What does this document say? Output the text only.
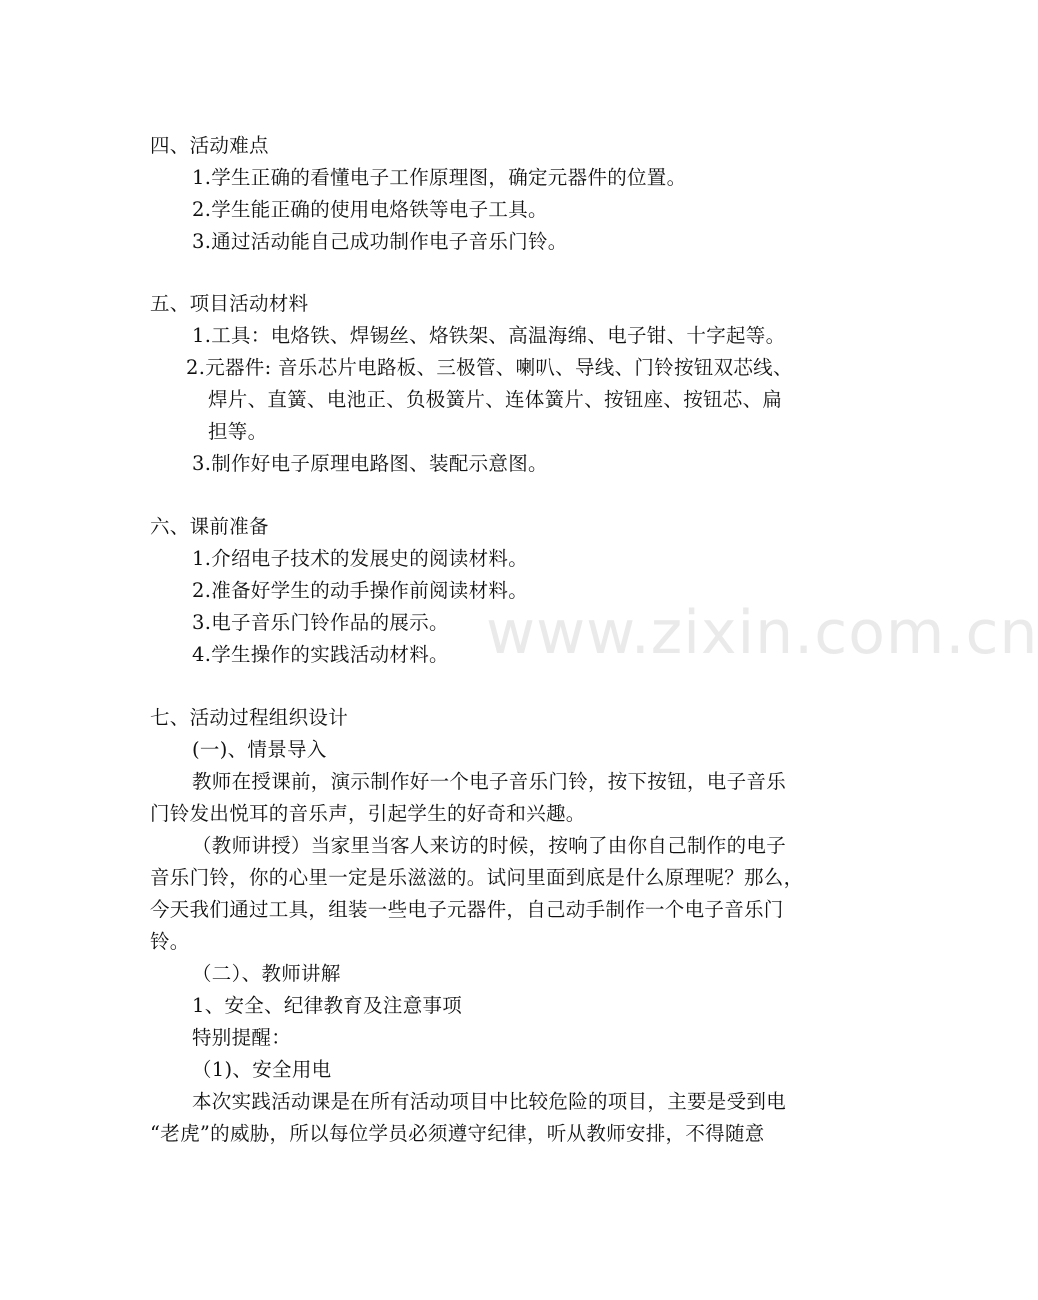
www.zixin.com.cn
四、活动难点
1.学生正确的看懂电子工作原理图，确定元器件的位置。
2.学生能正确的使用电烙铁等电子工具。
3.通过活动能自己成功制作电子音乐门铃。
五、项目活动材料
1.工具：电烙铁、焊锡丝、烙铁架、高温海绵、电子钳、十字起等。
2.元器件: 音乐芯片电路板、三极管、喇叭、导线、门铃按钮双芯线、
焊片、直簧、电池正、负极簧片、连体簧片、按钮座、按钮芯、扁
担等。
3.制作好电子原理电路图、装配示意图。
六、课前准备
1.介绍电子技术的发展史的阅读材料。
2.准备好学生的动手操作前阅读材料。
3.电子音乐门铃作品的展示。
4.学生操作的实践活动材料。
七、活动过程组织设计
(一)、情景导入
教师在授课前，演示制作好一个电子音乐门铃，按下按钮，电子音乐
门铃发出悦耳的音乐声，引起学生的好奇和兴趣。
（教师讲授）当家里当客人来访的时候，按响了由你自己制作的电子
音乐门铃，你的心里一定是乐滋滋的。试问里面到底是什么原理呢？那么，
今天我们通过工具，组装一些电子元器件，自己动手制作一个电子音乐门
铃。
（二）、教师讲解
1、安全、纪律教育及注意事项
特别提醒：
（1)、安全用电
本次实践活动课是在所有活动项目中比较危险的项目，主要是受到电
“老虎”的威胁，所以每位学员必须遵守纪律，听从教师安排，不得随意
